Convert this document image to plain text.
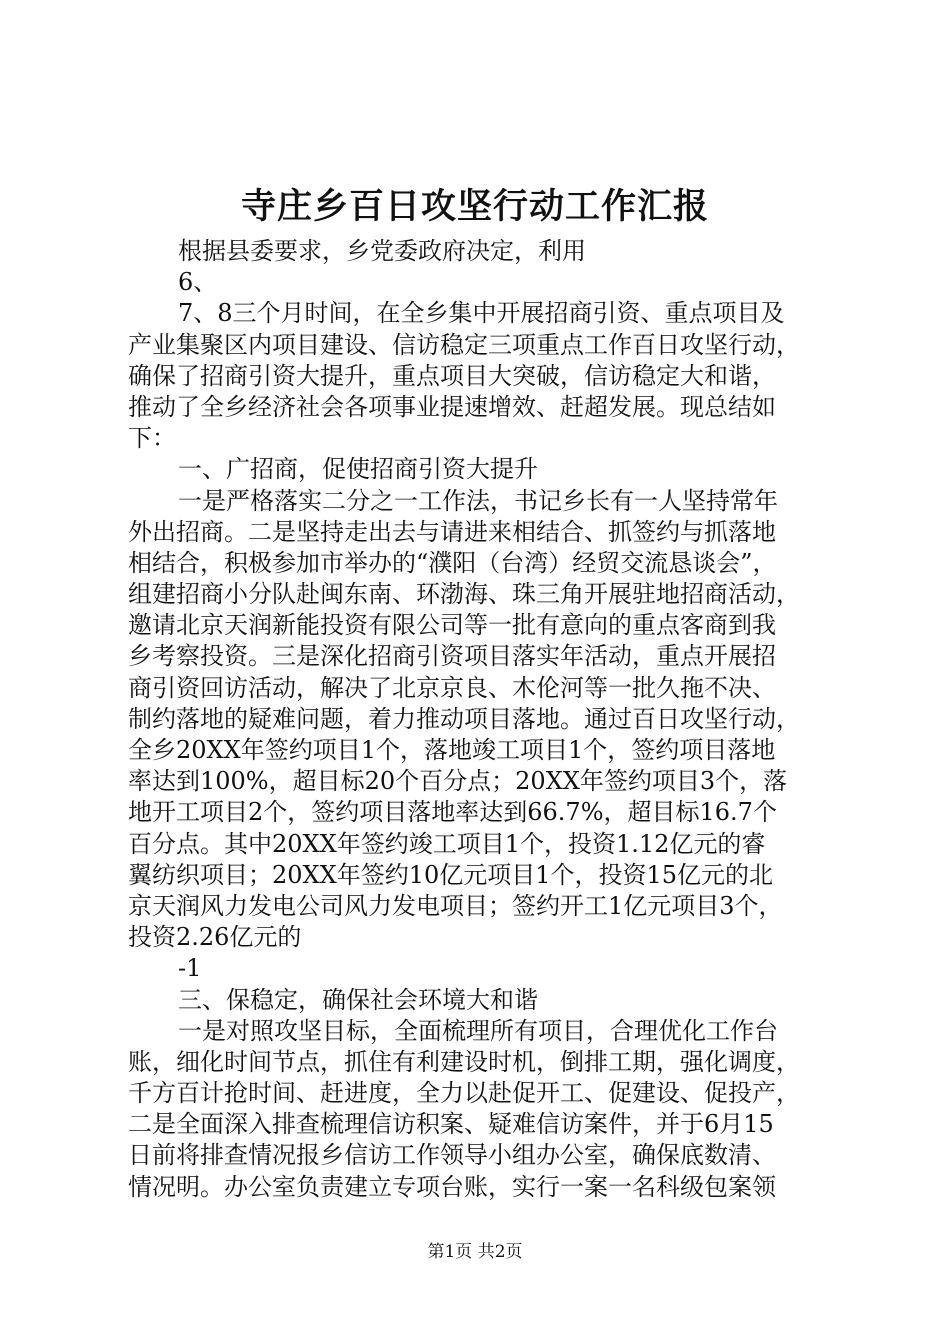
寺庄乡百日攻坚行动工作汇报
根据县委要求，乡党委政府决定，利用
6、
7、8三个月时间，在全乡集中开展招商引资、重点项目及
产业集聚区内项目建设、信访稳定三项重点工作百日攻坚行动，
确保了招商引资大提升，重点项目大突破，信访稳定大和谐，
推动了全乡经济社会各项事业提速增效、赶超发展。现总结如
下：
一、广招商，促使招商引资大提升
一是严格落实二分之一工作法，书记乡长有一人坚持常年
外出招商。二是坚持走出去与请进来相结合、抓签约与抓落地
相结合，积极参加市举办的“濮阳（台湾）经贸交流恳谈会”，
组建招商小分队赴闽东南、环渤海、珠三角开展驻地招商活动，
邀请北京天润新能投资有限公司等一批有意向的重点客商到我
乡考察投资。三是深化招商引资项目落实年活动，重点开展招
商引资回访活动，解决了北京京良、木伦河等一批久拖不决、
制约落地的疑难问题，着力推动项目落地。通过百日攻坚行动，
全乡20XX年签约项目1个，落地竣工项目1个，签约项目落地
率达到100%，超目标20个百分点；20XX年签约项目3个，落
地开工项目2个，签约项目落地率达到66.7%，超目标16.7个
百分点。其中20XX年签约竣工项目1个，投资1.12亿元的睿
翼纺织项目；20XX年签约10亿元项目1个，投资15亿元的北
京天润风力发电公司风力发电项目；签约开工1亿元项目3个，
投资2.26亿元的
-1
三、保稳定，确保社会环境大和谐
一是对照攻坚目标，全面梳理所有项目，合理优化工作台
账，细化时间节点，抓住有利建设时机，倒排工期，强化调度，
千方百计抢时间、赶进度，全力以赴促开工、促建设、促投产，
二是全面深入排查梳理信访积案、疑难信访案件，并于6月15
日前将排查情况报乡信访工作领导小组办公室，确保底数清、
情况明。办公室负责建立专项台账，实行一案一名科级包案领
第1页 共2页
